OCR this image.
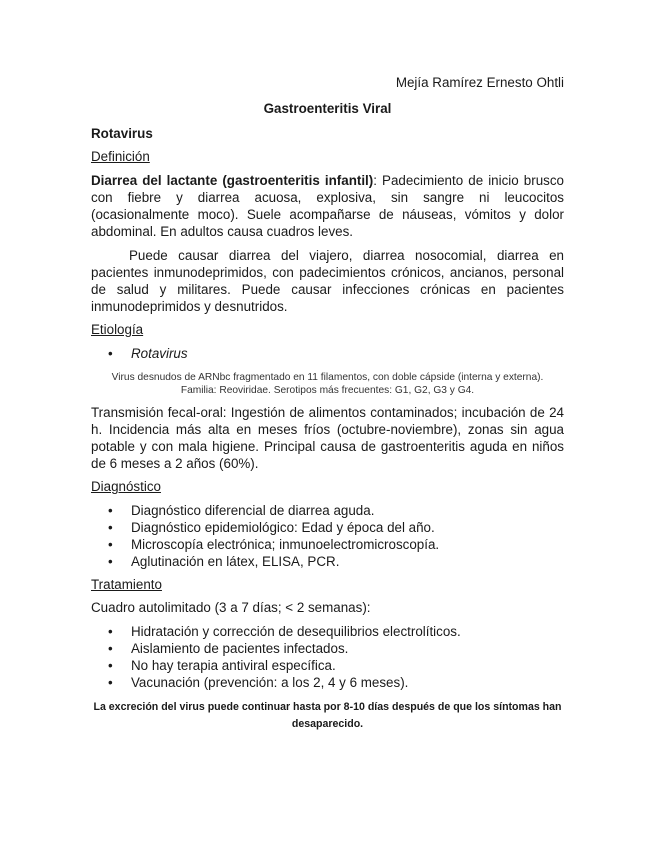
Mejía Ramírez Ernesto Ohtli

Gastroenteritis Viral

Rotavirus

Definición

Diarrea del lactante (gastroenteritis infantil): Padecimiento de inicio brusco con fiebre y diarrea acuosa, explosiva, sin sangre ni leucocitos (ocasionalmente moco). Suele acompañarse de náuseas, vómitos y dolor abdominal. En adultos causa cuadros leves.

Puede causar diarrea del viajero, diarrea nosocomial, diarrea en pacientes inmunodeprimidos, con padecimientos crónicos, ancianos, personal de salud y militares. Puede causar infecciones crónicas en pacientes inmunodeprimidos y desnutridos.

Etiología

• Rotavirus
Virus desnudos de ARNbc fragmentado en 11 filamentos, con doble cápside (interna y externa).
Familia: Reoviridae. Serotipos más frecuentes: G1, G2, G3 y G4.

Transmisión fecal-oral: Ingestión de alimentos contaminados; incubación de 24 h. Incidencia más alta en meses fríos (octubre-noviembre), zonas sin agua potable y con mala higiene. Principal causa de gastroenteritis aguda en niños de 6 meses a 2 años (60%).

Diagnóstico

• Diagnóstico diferencial de diarrea aguda.
• Diagnóstico epidemiológico: Edad y época del año.
• Microscopía electrónica; inmunoelectromicroscopía.
• Aglutinación en látex, ELISA, PCR.

Tratamiento

Cuadro autolimitado (3 a 7 días; < 2 semanas):

• Hidratación y corrección de desequilibrios electrolíticos.
• Aislamiento de pacientes infectados.
• No hay terapia antiviral específica.
• Vacunación (prevención: a los 2, 4 y 6 meses).

La excreción del virus puede continuar hasta por 8-10 días después de que los síntomas han desaparecido.
